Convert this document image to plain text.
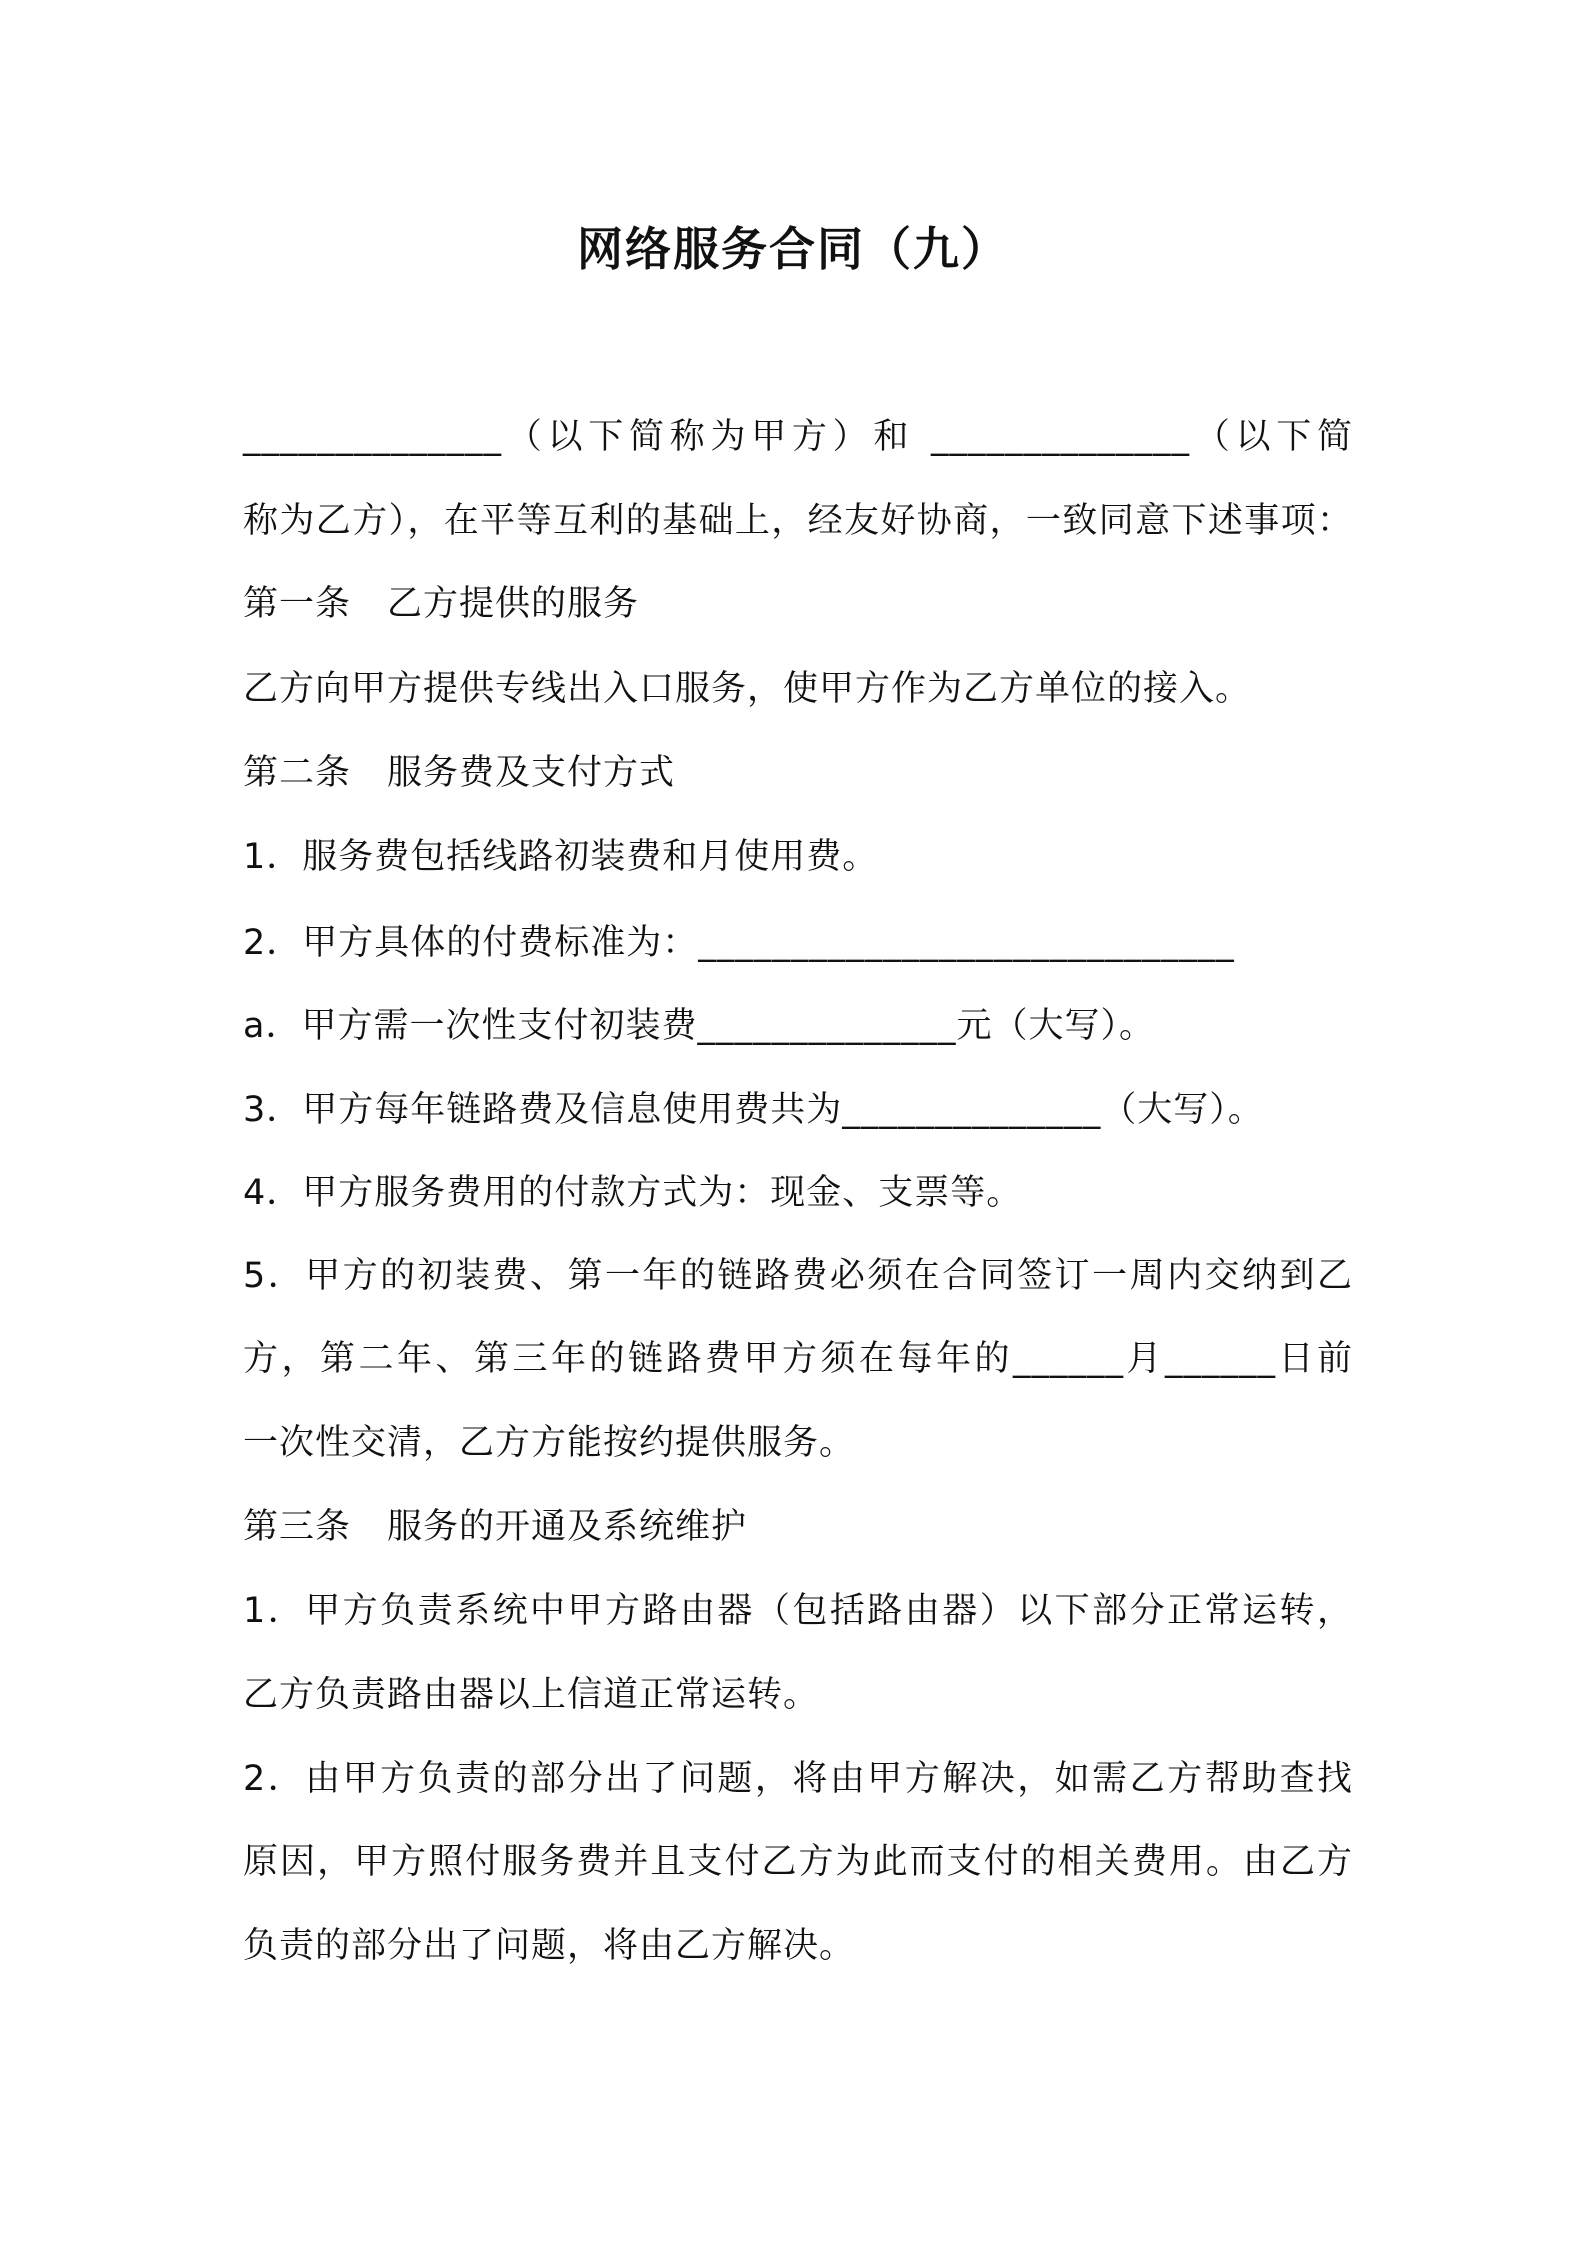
网络服务合同（九）
______________（以下简称为甲方）和 ______________（以下简
称为乙方），在平等互利的基础上，经友好协商，一致同意下述事项：
第一条　乙方提供的服务
乙方向甲方提供专线出入口服务，使甲方作为乙方单位的接入。
第二条　服务费及支付方式
1．服务费包括线路初装费和月使用费。
2．甲方具体的付费标准为：_____________________________
a．甲方需一次性支付初装费______________元（大写）。
3．甲方每年链路费及信息使用费共为______________（大写）。
4．甲方服务费用的付款方式为：现金、支票等。
5．甲方的初装费、第一年的链路费必须在合同签订一周内交纳到乙
方，第二年、第三年的链路费甲方须在每年的______月______日前
一次性交清，乙方方能按约提供服务。
第三条　服务的开通及系统维护
1．甲方负责系统中甲方路由器（包括路由器）以下部分正常运转，
乙方负责路由器以上信道正常运转。
2．由甲方负责的部分出了问题，将由甲方解决，如需乙方帮助查找
原因，甲方照付服务费并且支付乙方为此而支付的相关费用。由乙方
负责的部分出了问题，将由乙方解决。
